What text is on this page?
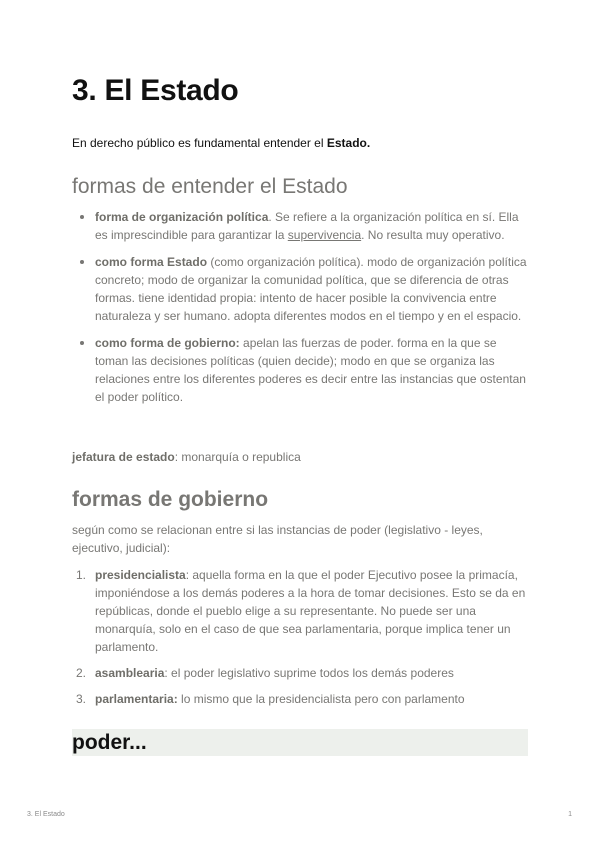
3. El Estado

En derecho público es fundamental entender el Estado.

formas de entender el Estado
forma de organización política. Se refiere a la organización política en sí. Ella es imprescindible para garantizar la supervivencia. No resulta muy operativo.
como forma Estado (como organización política). modo de organización política concreto; modo de organizar la comunidad política, que se diferencia de otras formas. tiene identidad propia: intento de hacer posible la convivencia entre naturaleza y ser humano. adopta diferentes modos en el tiempo y en el espacio.
como forma de gobierno: apelan las fuerzas de poder. forma en la que se toman las decisiones políticas (quien decide); modo en que se organiza las relaciones entre los diferentes poderes es decir entre las instancias que ostentan el poder político.

jefatura de estado: monarquía o republica

formas de gobierno

según como se relacionan entre si las instancias de poder (legislativo - leyes, ejecutivo, judicial):

1. presidencialista: aquella forma en la que el poder Ejecutivo posee la primacía, imponiéndose a los demás poderes a la hora de tomar decisiones. Esto se da en repúblicas, donde el pueblo elige a su representante. No puede ser una monarquía, solo en el caso de que sea parlamentaria, porque implica tener un parlamento.
2. asamblearia: el poder legislativo suprime todos los demás poderes
3. parlamentaria: lo mismo que la presidencialista pero con parlamento
poder...
3. El Estado	1
